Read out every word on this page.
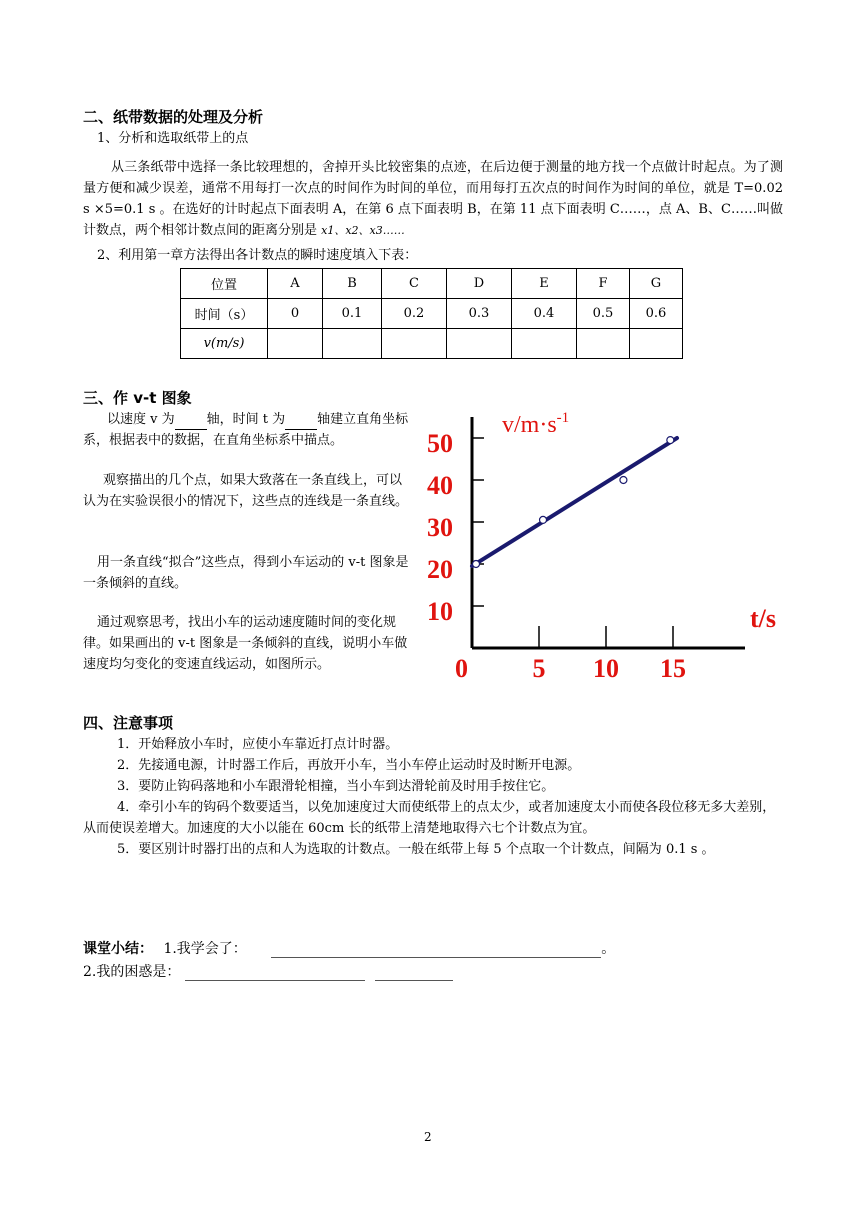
二、纸带数据的处理及分析
1、分析和选取纸带上的点
从三条纸带中选择一条比较理想的，舍掉开头比较密集的点迹，在后边便于测量的地方找一个点做计时起点。为了测量方便和减少误差，通常不用每打一次点的时间作为时间的单位，而用每打五次点的时间作为时间的单位，就是 T=0.02 s ×5=0.1 s 。在选好的计时起点下面表明 A，在第 6 点下面表明 B，在第 11 点下面表明 C……，点 A、B、C……叫做计数点，两个相邻计数点间的距离分别是 x1、x2、x3……
2、利用第一章方法得出各计数点的瞬时速度填入下表：
位置	A	B	C	D	E	F	G
时间（s）	0	0.1	0.2	0.3	0.4	0.5	0.6
v(m/s)							
三、作 v-t 图象
以速度 v 为 轴，时间 t 为 轴建立直角坐标系，根据表中的数据，在直角坐标系中描点。
观察描出的几个点，如果大致落在一条直线上，可以认为在实验误很小的情况下，这些点的连线是一条直线。
用一条直线“拟合”这些点，得到小车运动的 v-t 图象是一条倾斜的直线。
通过观察思考，找出小车的运动速度随时间的变化规律。如果画出的 v-t 图象是一条倾斜的直线，说明小车做速度均匀变化的变速直线运动，如图所示。
10
20
30
40
50
0 5 10 15
$v/m\cdot s^{-1}$
t/s
四、注意事项
1．开始释放小车时，应使小车靠近打点计时器。
2．先接通电源，计时器工作后，再放开小车，当小车停止运动时及时断开电源。
3．要防止钩码落地和小车跟滑轮相撞，当小车到达滑轮前及时用手按住它。
4．牵引小车的钩码个数要适当，以免加速度过大而使纸带上的点太少，或者加速度太小而使各段位移无多大差别，从而使误差增大。加速度的大小以能在 60cm 长的纸带上清楚地取得六七个计数点为宜。
5．要区别计时器打出的点和人为选取的计数点。一般在纸带上每 5 个点取一个计数点，间隔为 0.1 s 。
课堂小结： 1.我学会了：	。
2.我的困惑是：
2
